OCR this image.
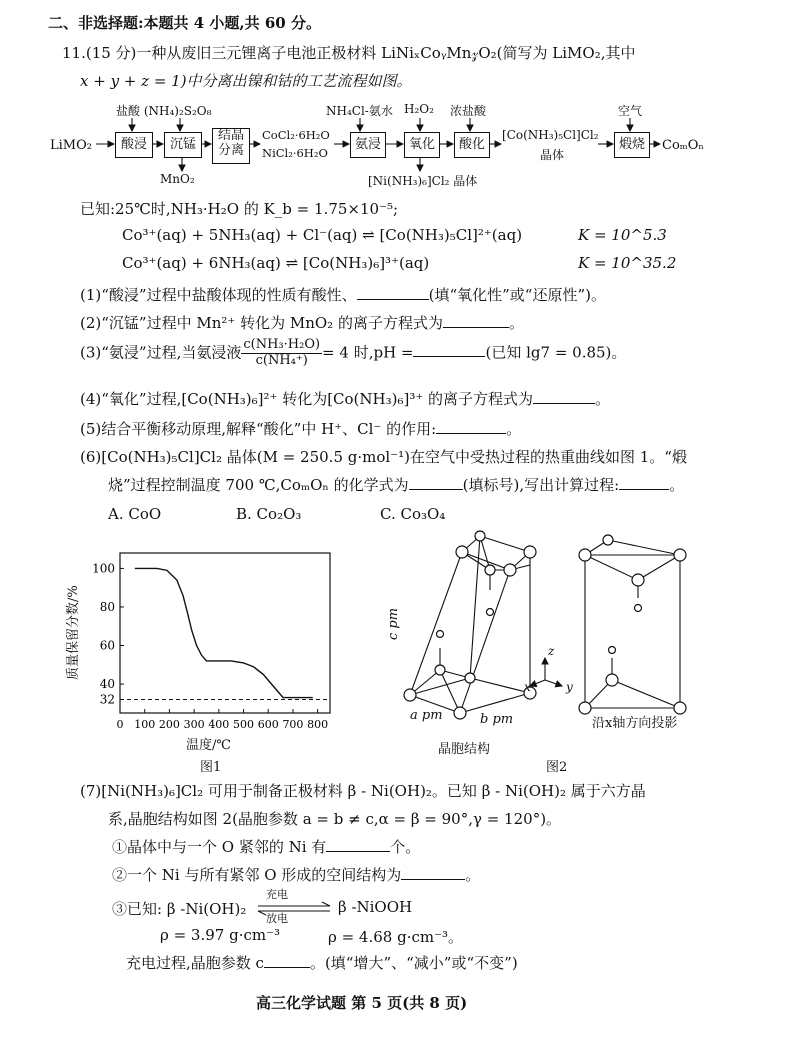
二、非选择题:本题共 4 小题,共 60 分。
11.(15 分)一种从废旧三元锂离子电池正极材料 LiNiₓCoᵧMn𝓏O₂(简写为 LiMO₂,其中
x + y + z = 1)中分离出镍和钴的工艺流程如图。
盐酸 (NH₄)₂S₂O₈	NH₄Cl-氨水 H₂O₂ 浓盐酸	空气
LiMO₂	酸浸	沉锰
结晶
分离
CoCl₂·6H₂O
NiCl₂·6H₂O
氨浸	氧化	酸化
[Co(NH₃)₅Cl]Cl₂
晶体
煅烧	CoₘOₙ
MnO₂	[Ni(NH₃)₆]Cl₂ 晶体
已知:25℃时,NH₃·H₂O 的 K_b = 1.75×10⁻⁵;
Co³⁺(aq) + 5NH₃(aq) + Cl⁻(aq) ⇌ [Co(NH₃)₅Cl]²⁺(aq)	K = 10^5.3
Co³⁺(aq) + 6NH₃(aq) ⇌ [Co(NH₃)₆]³⁺(aq)	K = 10^35.2
(1)“酸浸”过程中盐酸体现的性质有酸性、	(填“氧化性”或“还原性”)。
(2)“沉锰”过程中 Mn²⁺ 转化为 MnO₂ 的离子方程式为	。
(3)“氨浸”过程,当氨浸液 $\frac{\text{c(NH₃·H₂O)}}{\text{c(NH₄⁺)}} = 4$ 时,pH =	(已知 lg7 = 0.85)。
(4)“氧化”过程,[Co(NH₃)₆]²⁺ 转化为[Co(NH₃)₆]³⁺ 的离子方程式为	。
(5)结合平衡移动原理,解释“酸化”中 H⁺、Cl⁻ 的作用:	。
(6)[Co(NH₃)₅Cl]Cl₂ 晶体(M = 250.5 g·mol⁻¹)在空气中受热过程的热重曲线如图 1。“煅
烧”过程控制温度 700 ℃,CoₘOₙ 的化学式为	(填标号),写出计算过程:	。
A. CoO	B. Co₂O₃	C. Co₃O₄
质量保留分数/%
100
80
60
40
32
0 100 200 300 400 500 600 700 800
温度/℃
图1
c pm
a pm	b pm
z
x	y
晶胞结构
沿x轴方向投影
图2
(7)[Ni(NH₃)₆]Cl₂ 可用于制备正极材料 β - Ni(OH)₂。已知 β - Ni(OH)₂ 属于六方晶
系,晶胞结构如图 2(晶胞参数 a = b ≠ c,α = β = 90°,γ = 120°)。
①晶体中与一个 O 紧邻的 Ni 有	个。
②一个 Ni 与所有紧邻 O 形成的空间结构为	。
③已知: β -Ni(OH)₂
充电
放电
β -NiOOH
ρ = 3.97 g·cm⁻³	ρ = 4.68 g·cm⁻³。
充电过程,晶胞参数 c	。(填“增大”、“减小”或“不变”)
高三化学试题 第 5 页(共 8 页)
